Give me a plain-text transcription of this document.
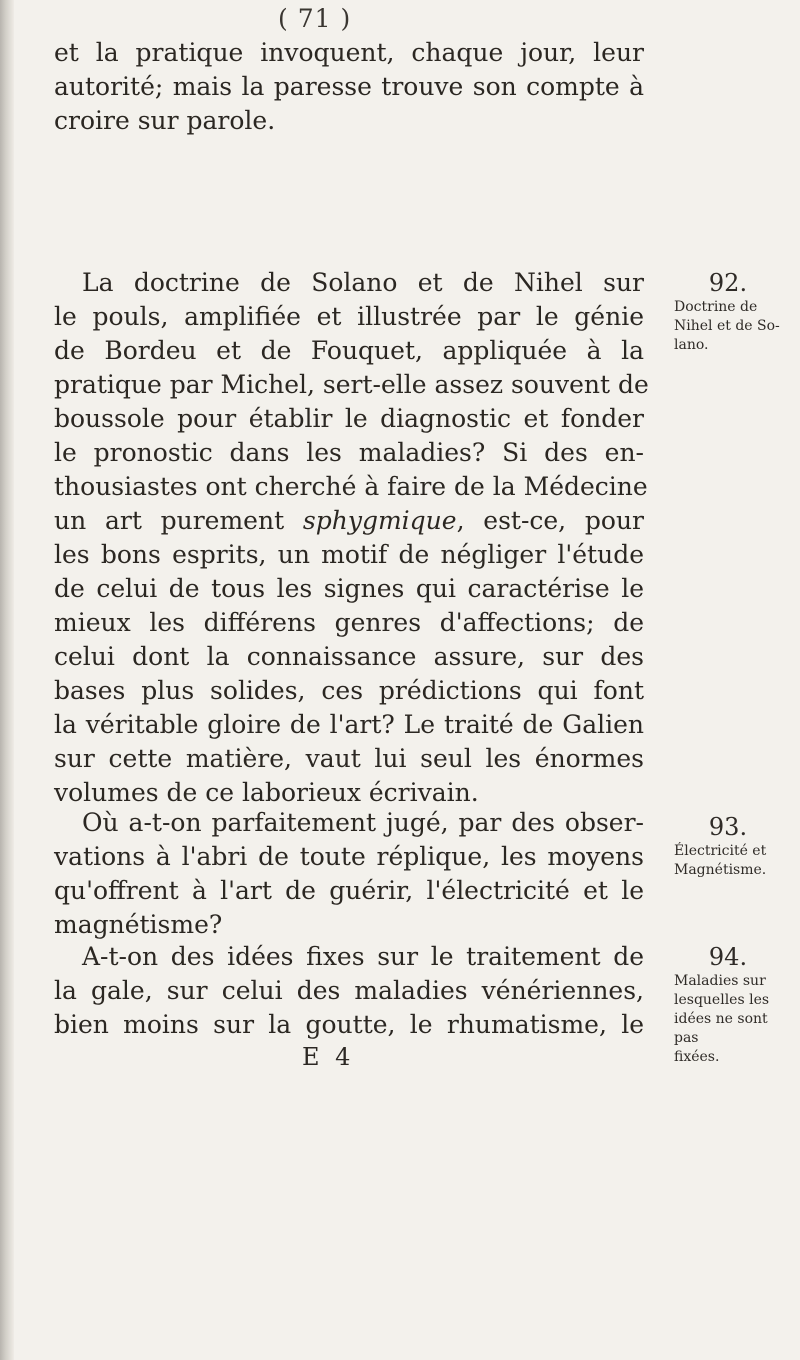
( 71 )
et la pratique invoquent, chaque jour, leur
autorité; mais la paresse trouve son compte à
croire sur parole.
La doctrine de Solano et de Nihel sur
le pouls, amplifiée et illustrée par le génie
de Bordeu et de Fouquet, appliquée à la
pratique par Michel, sert-elle assez souvent de
boussole pour établir le diagnostic et fonder
le pronostic dans les maladies? Si des en-
thousiastes ont cherché à faire de la Médecine
un art purement sphygmique, est-ce, pour
les bons esprits, un motif de négliger l'étude
de celui de tous les signes qui caractérise le
mieux les différens genres d'affections; de
celui dont la connaissance assure, sur des
bases plus solides, ces prédictions qui font
la véritable gloire de l'art? Le traité de Galien
sur cette matière, vaut lui seul les énormes
volumes de ce laborieux écrivain.
Où a-t-on parfaitement jugé, par des obser-
vations à l'abri de toute réplique, les moyens
qu'offrent à l'art de guérir, l'électricité et le
magnétisme?
A-t-on des idées fixes sur le traitement de
la gale, sur celui des maladies vénériennes,
bien moins sur la goutte, le rhumatisme, le
92.
Doctrine de
Nihel et de So-
lano.
93.
Électricité et
Magnétisme.
94.
Maladies sur
lesquelles les
idées ne sont pas
fixées.
E 4
